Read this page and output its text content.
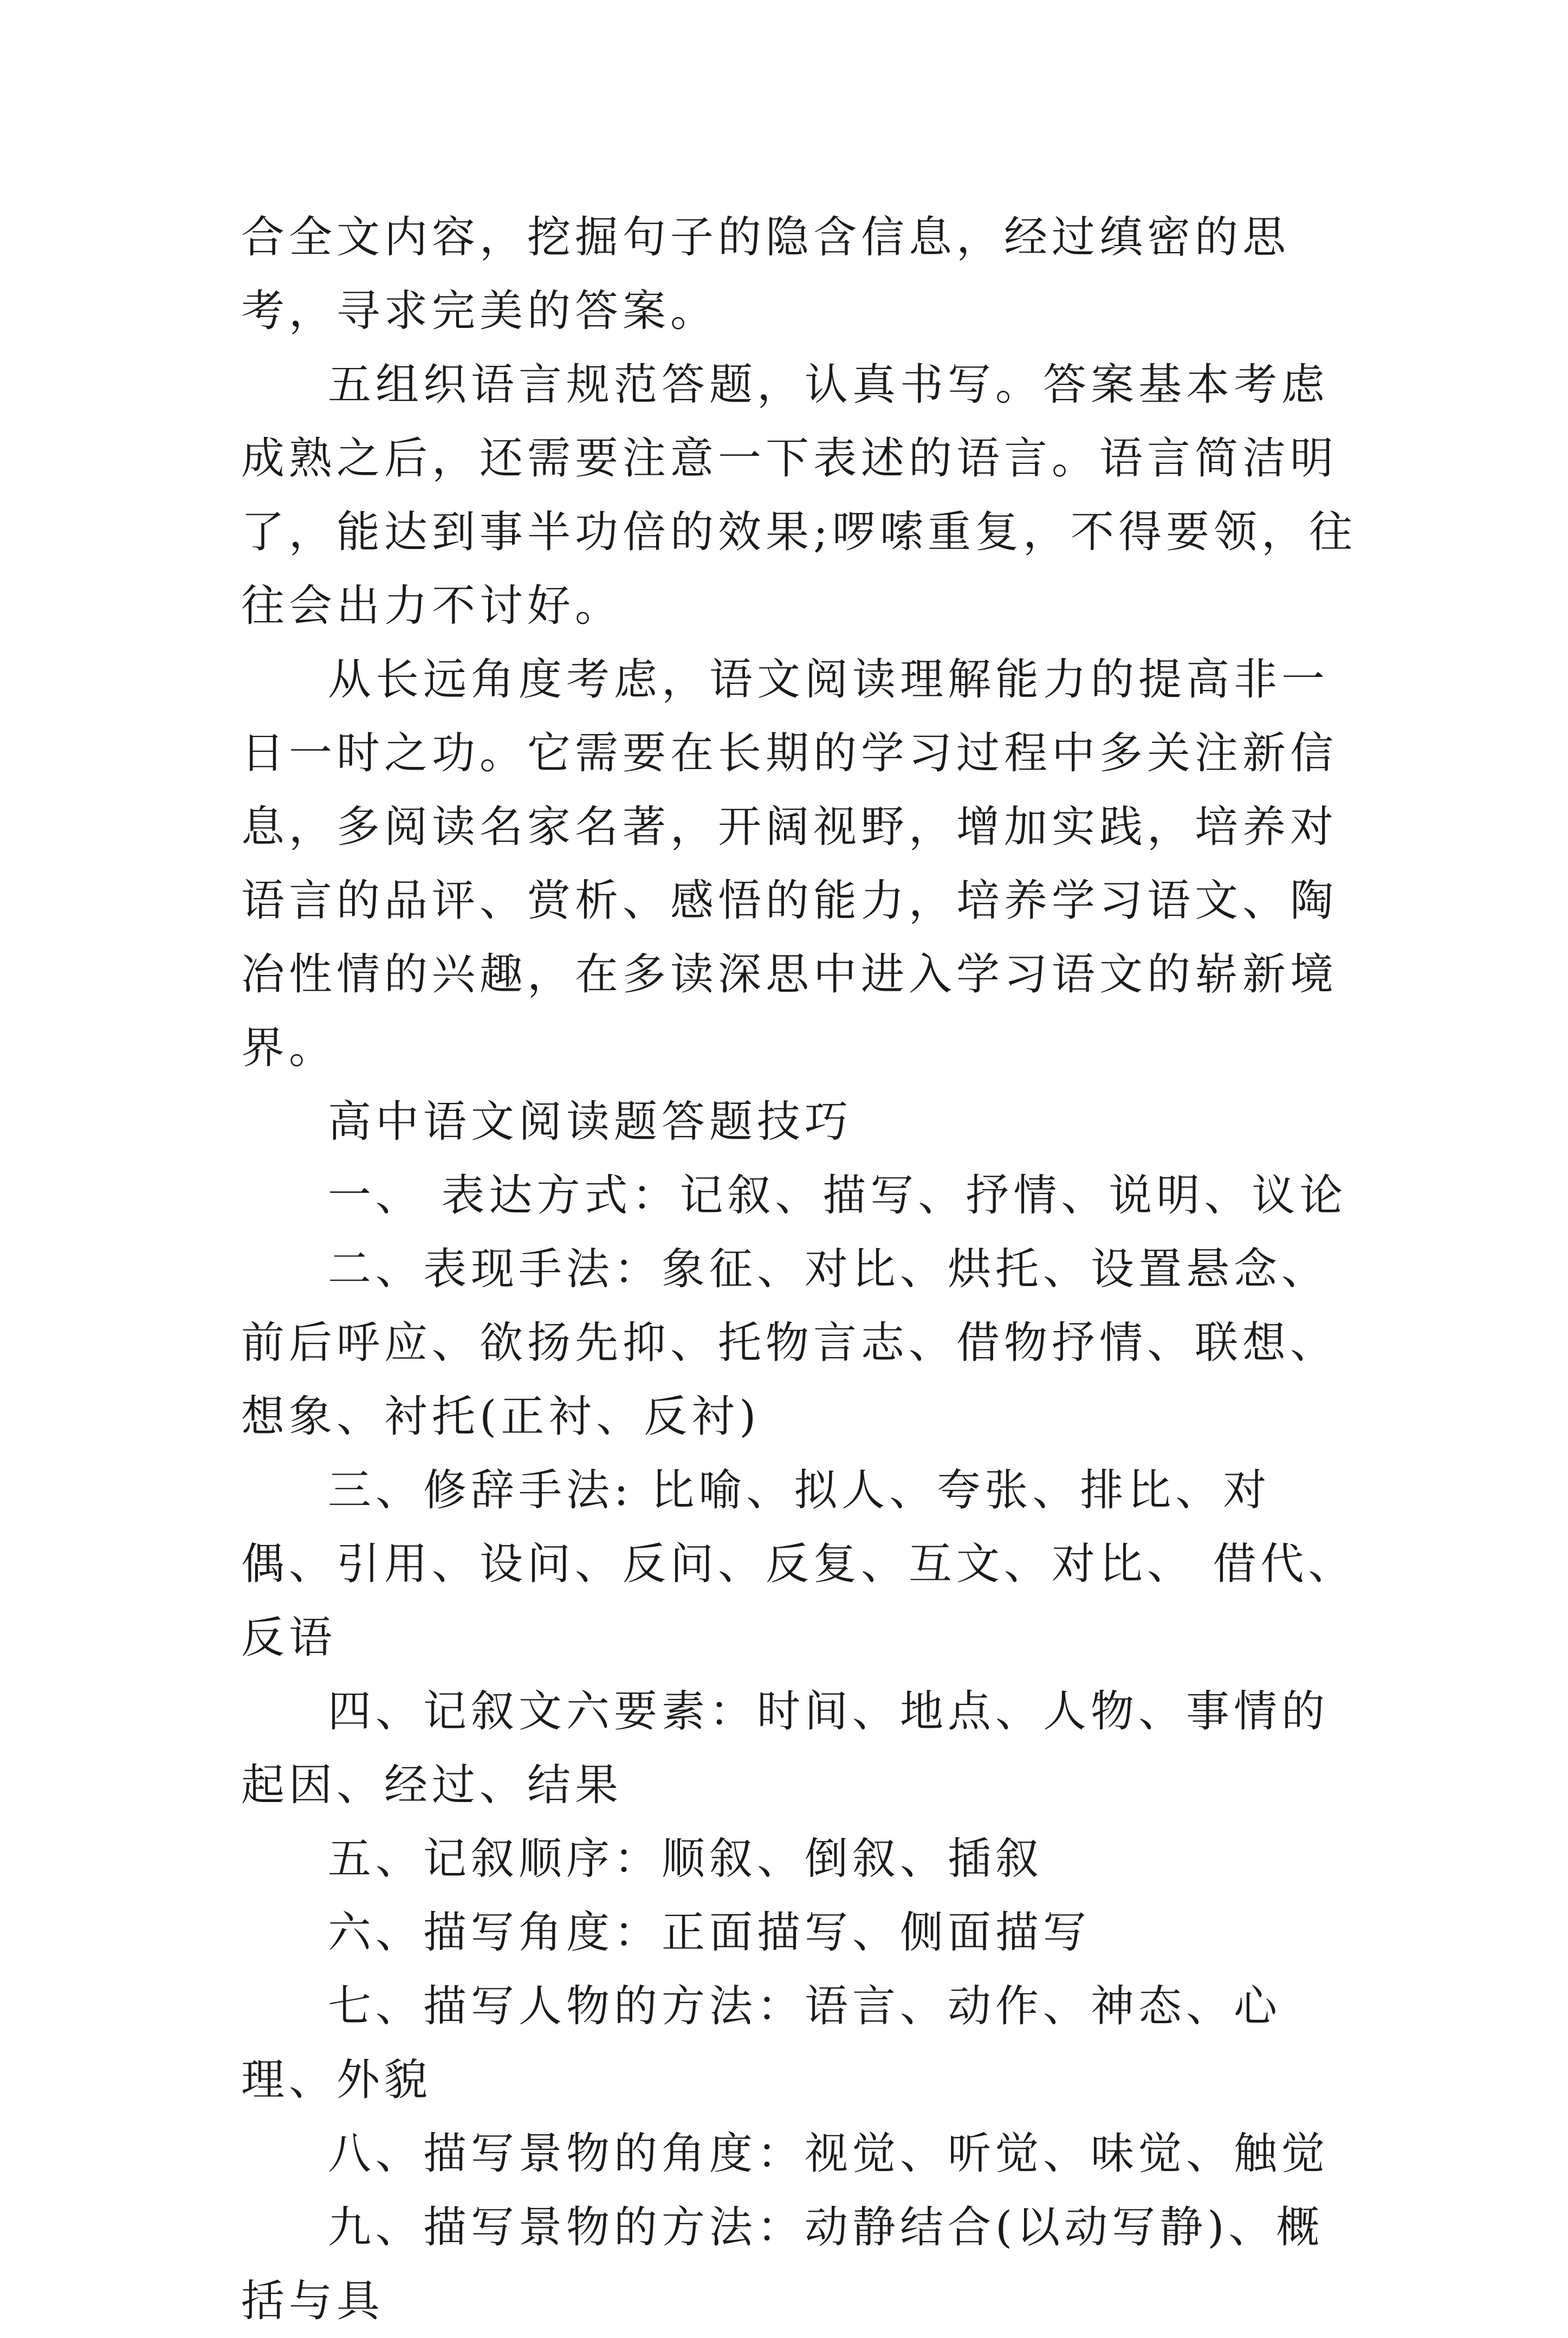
合全文内容，挖掘句子的隐含信息，经过缜密的思考，寻求完美的答案。

五组织语言规范答题，认真书写。答案基本考虑成熟之后，还需要注意一下表述的语言。语言简洁明了，能达到事半功倍的效果;啰嗦重复，不得要领，往往会出力不讨好。

从长远角度考虑，语文阅读理解能力的提高非一日一时之功。它需要在长期的学习过程中多关注新信息，多阅读名家名著，开阔视野，增加实践，培养对语言的品评、赏析、感悟的能力，培养学习语文、陶冶性情的兴趣，在多读深思中进入学习语文的崭新境界。

高中语文阅读题答题技巧

一、 表达方式：记叙、描写、抒情、说明、议论

二、表现手法：象征、对比、烘托、设置悬念、前后呼应、欲扬先抑、托物言志、借物抒情、联想、想象、衬托(正衬、反衬)

三、修辞手法: 比喻、拟人、夸张、排比、对偶、引用、设问、反问、反复、互文、对比、 借代、反语

四、记叙文六要素：时间、地点、人物、事情的起因、经过、结果

五、记叙顺序：顺叙、倒叙、插叙

六、描写角度：正面描写、侧面描写

七、描写人物的方法：语言、动作、神态、心理、外貌

八、描写景物的角度：视觉、听觉、味觉、触觉

九、描写景物的方法：动静结合(以动写静)、概括与具
